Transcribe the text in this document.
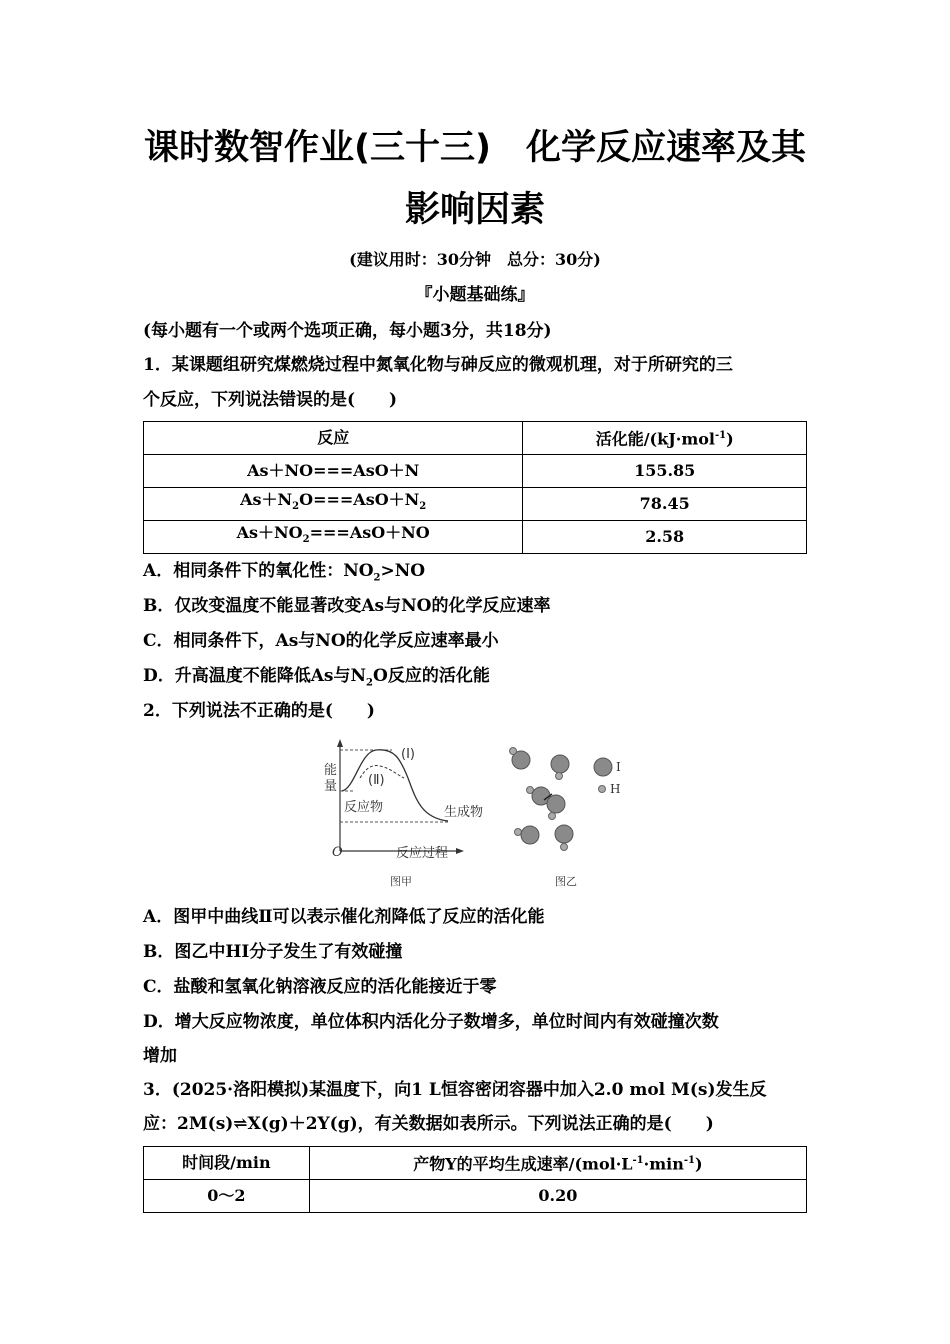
课时数智作业(三十三)　化学反应速率及其
影响因素
(建议用时：30分钟　总分：30分)
『小题基础练』
(每小题有一个或两个选项正确，每小题3分，共18分)
1．某课题组研究煤燃烧过程中氮氧化物与砷反应的微观机理，对于所研究的三
个反应，下列说法错误的是(　　)
反应	活化能/(kJ·mol$^{-1}$)
As＋NO===AsO＋N	155.85
$As+N_2O===AsO+N_2$	78.45
$As+NO_2===AsO+NO$	2.58
A．相同条件下的氧化性：$NO_2>NO$
B．仅改变温度不能显著改变As与NO的化学反应速率
C．相同条件下，As与NO的化学反应速率最小
D．升高温度不能降低As与$N_2O$反应的活化能
2．下列说法不正确的是(　　)
能量
(Ⅰ)
(Ⅱ)
反应物	生成物
O	反应过程
图甲
I
H
图乙
A．图甲中曲线Ⅱ可以表示催化剂降低了反应的活化能
B．图乙中HI分子发生了有效碰撞
C．盐酸和氢氧化钠溶液反应的活化能接近于零
D．增大反应物浓度，单位体积内活化分子数增多，单位时间内有效碰撞次数
增加
3．(2025·洛阳模拟)某温度下，向1 L恒容密闭容器中加入2.0 mol M(s)发生反
应：2M(s)⇌X(g)＋2Y(g)，有关数据如表所示。下列说法正确的是(　　)
时间段/min	产物Y的平均生成速率$/(mol\cdot L^{-1}\cdot\min^{-1})$
0～2	0.20
